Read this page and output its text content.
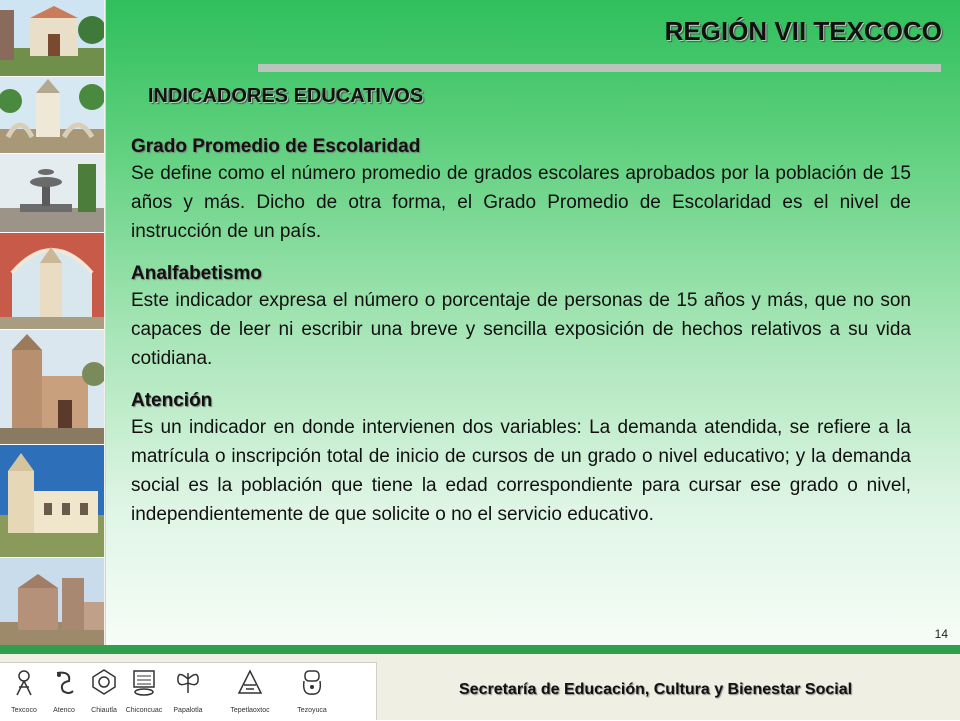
REGIÓN VII TEXCOCO
INDICADORES EDUCATIVOS
Grado Promedio de Escolaridad
Se define como el número promedio de grados escolares aprobados por la población de 15 años y más. Dicho de otra forma, el Grado Promedio de Escolaridad es el nivel de instrucción de un país.
Analfabetismo
Este indicador expresa el número o porcentaje de personas de 15 años y más, que no son capaces de leer ni escribir una breve y sencilla exposición de hechos relativos a su vida cotidiana.
Atención
Es un indicador en donde intervienen dos variables: La demanda atendida, se refiere a la matrícula o inscripción total de inicio de cursos de un grado o nivel educativo; y la demanda social es la población que tiene la edad correspondiente para cursar ese grado o nivel, independientemente de que solicite o no el servicio educativo.
14
Texcoco	Atenco	Chiautla	Chiconcuac	Papalotla	Tepetlaoxtoc	Tezoyuca
Secretaría de Educación, Cultura y Bienestar Social
